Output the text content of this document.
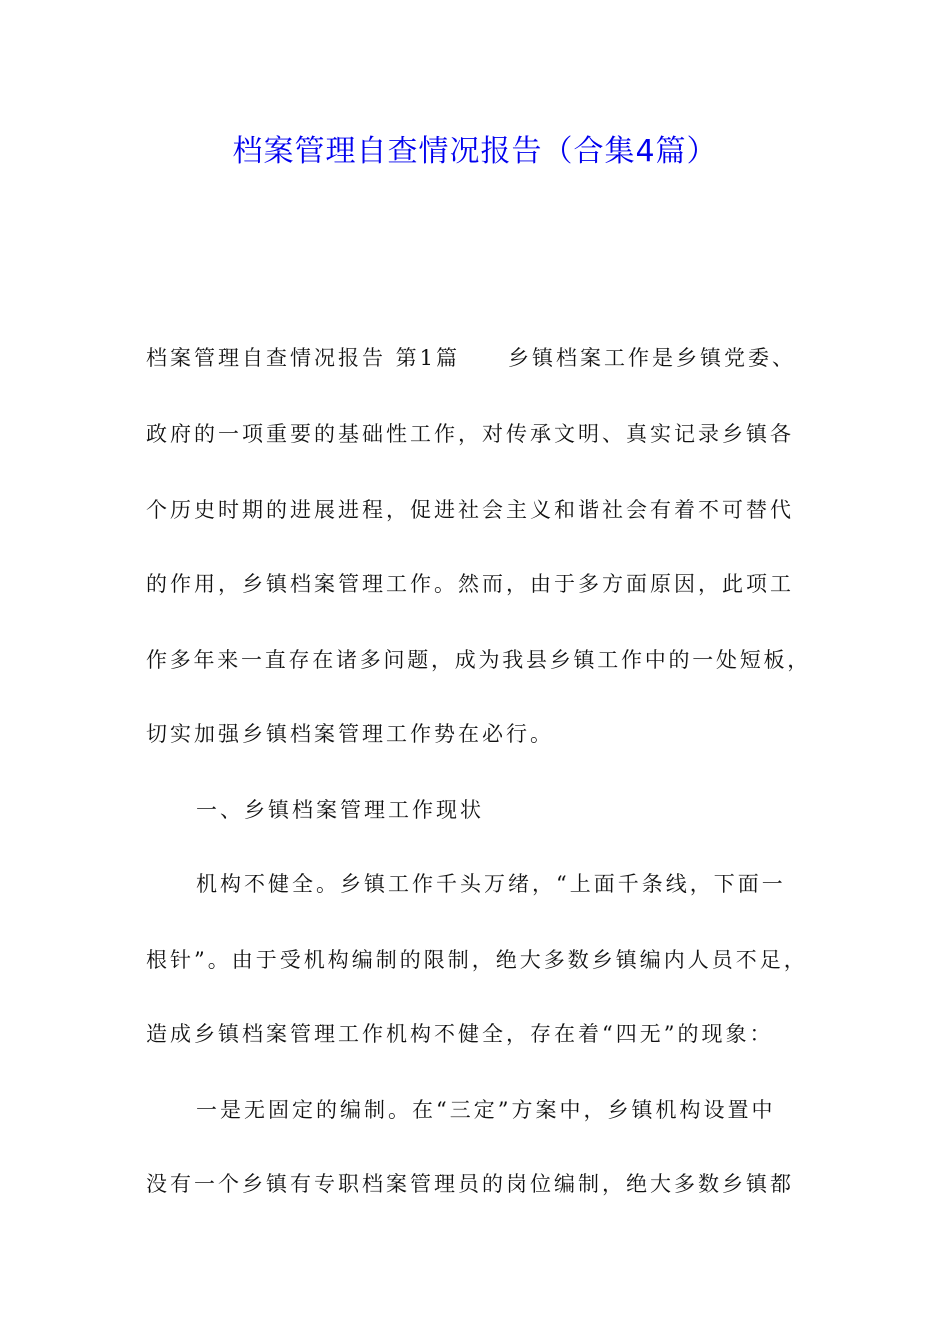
档案管理自查情况报告（合集4篇）
档案管理自查情况报告 第1篇　　乡镇档案工作是乡镇党委、
政府的一项重要的基础性工作，对传承文明、真实记录乡镇各
个历史时期的进展进程，促进社会主义和谐社会有着不可替代
的作用，乡镇档案管理工作。然而，由于多方面原因，此项工
作多年来一直存在诸多问题，成为我县乡镇工作中的一处短板，
切实加强乡镇档案管理工作势在必行。
一、乡镇档案管理工作现状
机构不健全。乡镇工作千头万绪，“上面千条线，下面一
根针”。由于受机构编制的限制，绝大多数乡镇编内人员不足，
造成乡镇档案管理工作机构不健全，存在着“四无”的现象：
一是无固定的编制。在“三定”方案中，乡镇机构设置中
没有一个乡镇有专职档案管理员的岗位编制，绝大多数乡镇都
